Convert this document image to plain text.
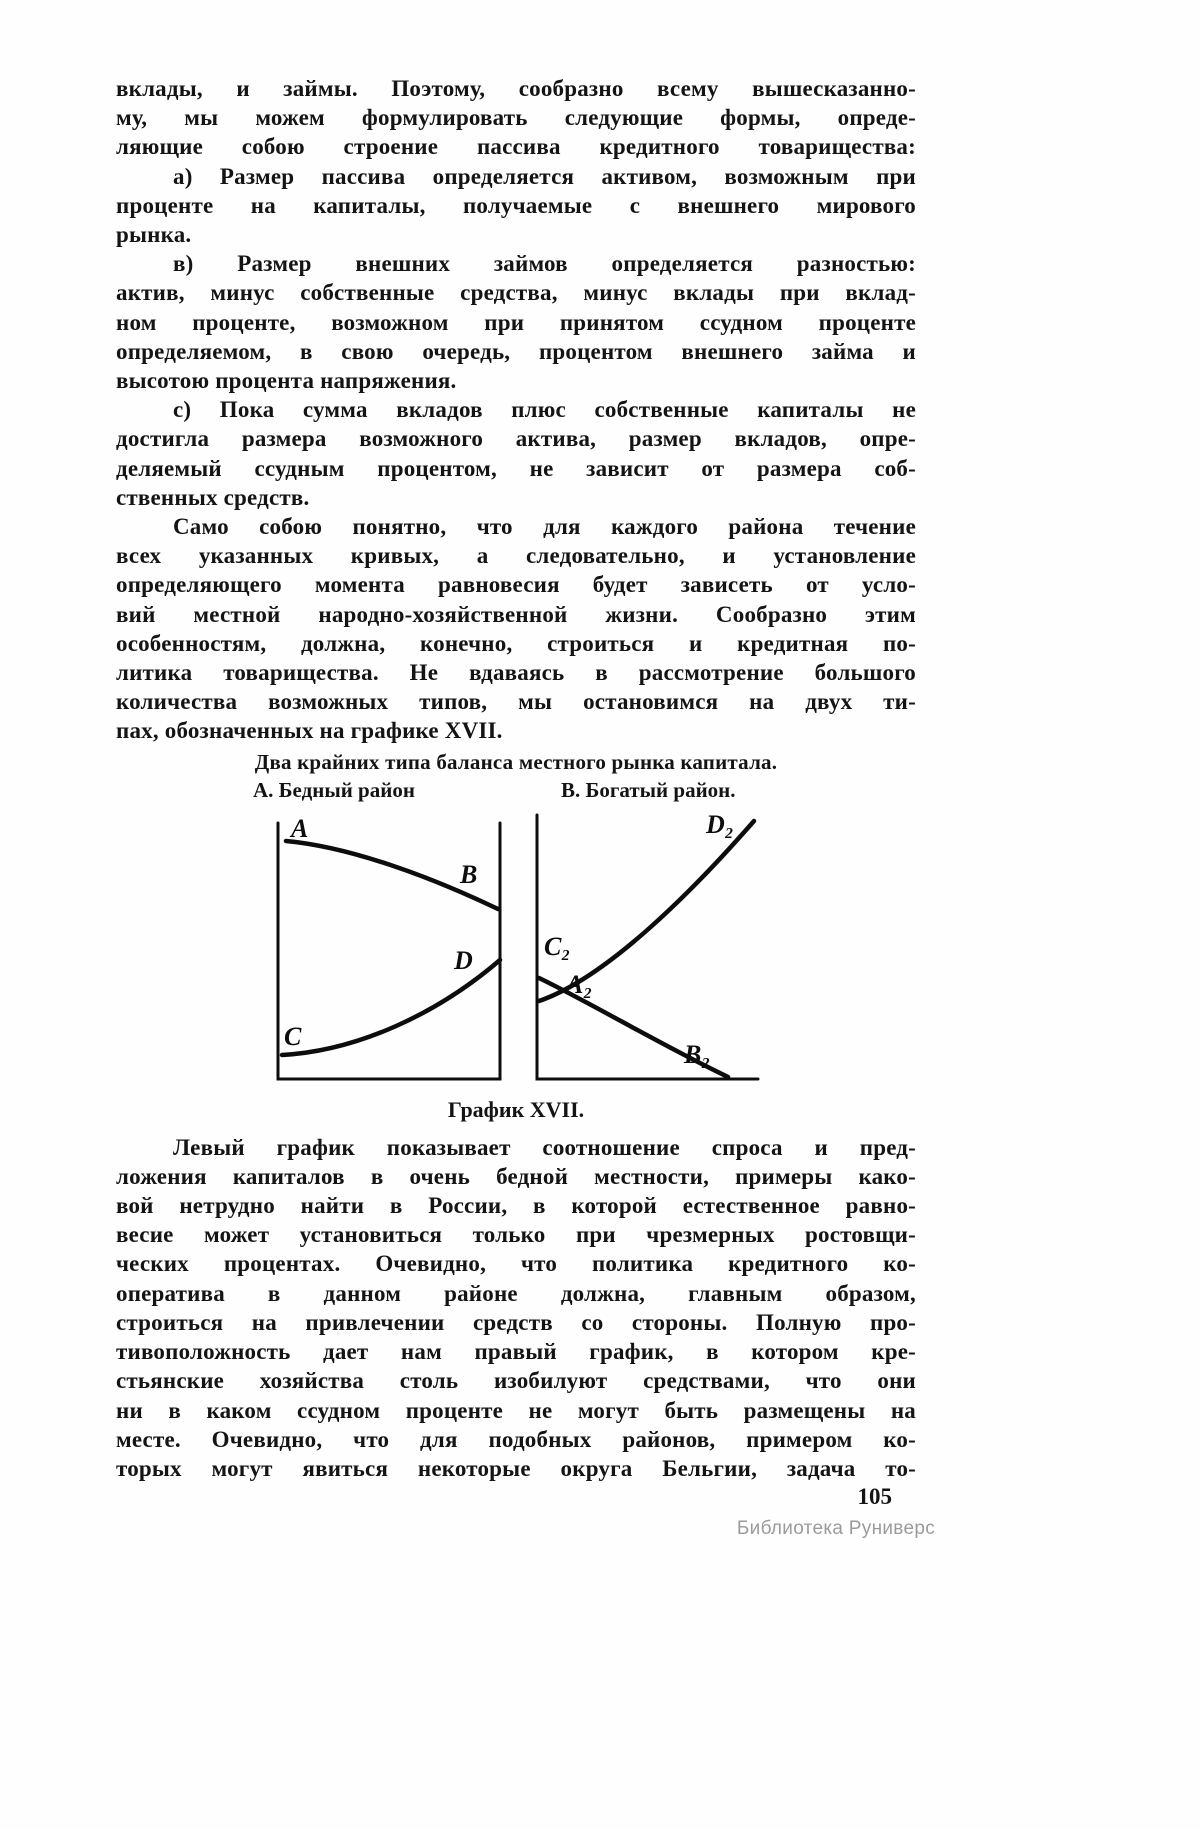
вклады, и займы. Поэтому, сообразно всему вышесказанно-
му, мы можем формулировать следующие формы, опреде-
ляющие собою строение пассива кредитного товарищества:
а) Размер пассива определяется активом, возможным при
проценте на капиталы, получаемые с внешнего мирового
рынка.
в) Размер внешних займов определяется разностью:
актив, минус собственные средства, минус вклады при вклад-
ном проценте, возможном при принятом ссудном проценте
определяемом, в свою очередь, процентом внешнего займа и
высотою процента напряжения.
с) Пока сумма вкладов плюс собственные капиталы не
достигла размера возможного актива, размер вкладов, опре-
деляемый ссудным процентом, не зависит от размера соб-
ственных средств.
Само собою понятно, что для каждого района течение
всех указанных кривых, а следовательно, и установление
определяющего момента равновесия будет зависеть от усло-
вий местной народно-хозяйственной жизни. Сообразно этим
особенностям, должна, конечно, строиться и кредитная по-
литика товарищества. Не вдаваясь в рассмотрение большого
количества возможных типов, мы остановимся на двух ти-
пах, обозначенных на графике XVII.
Два крайних типа баланса местного рынка капитала.
А. Бедный район	В. Богатый район.
A
B
C
D
D₂
C₂
A₂
B₂
График XVII.
Левый график показывает соотношение спроса и пред-
ложения капиталов в очень бедной местности, примеры како-
вой нетрудно найти в России, в которой естественное равно-
весие может установиться только при чрезмерных ростовщи-
ческих процентах. Очевидно, что политика кредитного ко-
оператива в данном районе должна, главным образом,
строиться на привлечении средств со стороны. Полную про-
тивоположность дает нам правый график, в котором кре-
стьянские хозяйства столь изобилуют средствами, что они
ни в каком ссудном проценте не могут быть размещены на
месте. Очевидно, что для подобных районов, примером ко-
торых могут явиться некоторые округа Бельгии, задача то-
105
Библиотека Руниверс
